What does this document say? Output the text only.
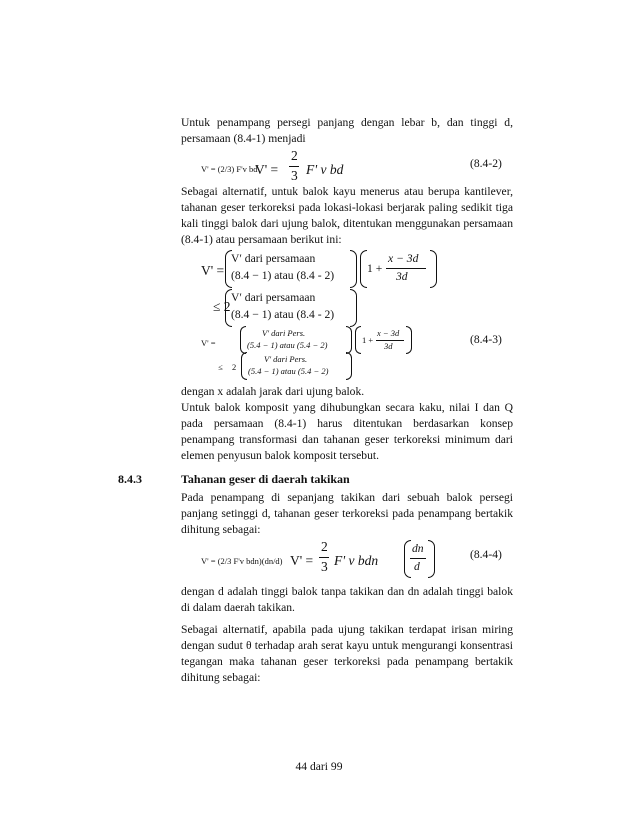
Untuk penampang persegi panjang dengan lebar b, dan tinggi d, persamaan (8.4-1) menjadi
V' = (2/3) F'v bd
V' =
2
3 F' v bd	(8.4-2)
Sebagai alternatif, untuk balok kayu menerus atau berupa kantilever, tahanan geser terkoreksi pada lokasi-lokasi berjarak paling sedikit tiga kali tinggi balok dari ujung balok, ditentukan menggunakan persamaan (8.4-1) atau persamaan berikut ini:
V' =
V′ dari persamaan
(8.4 − 1) atau (8.4 - 2)
1 +
x − 3d
3d
≤ 2
V′ dari persamaan
(8.4 − 1) atau (8.4 - 2)
V' =
V' dari Pers.
(5.4 − 1) atau (5.4 − 2)	1 +
x − 3d
3d	(8.4-3)
≤ 2
V' dari Pers.
(5.4 − 1) atau (5.4 − 2)
dengan x adalah jarak dari ujung balok.
Untuk balok komposit yang dihubungkan secara kaku, nilai I dan Q pada persamaan (8.4-1) harus ditentukan berdasarkan konsep penampang transformasi dan tahanan geser terkoreksi minimum dari elemen penyusun balok komposit tersebut.
8.4.3	Tahanan geser di daerah takikan
Pada penampang di sepanjang takikan dari sebuah balok persegi panjang setinggi d, tahanan geser terkoreksi pada penampang bertakik dihitung sebagai:
V' = (2/3 F'v bdn)(dn/d) V' =
2
3 F' v bdn
dn
d
(8.4-4)
dengan d adalah tinggi balok tanpa takikan dan dn adalah tinggi balok di dalam daerah takikan.
Sebagai alternatif, apabila pada ujung takikan terdapat irisan miring dengan sudut θ terhadap arah serat kayu untuk mengurangi konsentrasi tegangan maka tahanan geser terkoreksi pada penampang bertakik dihitung sebagai:
44 dari 99
